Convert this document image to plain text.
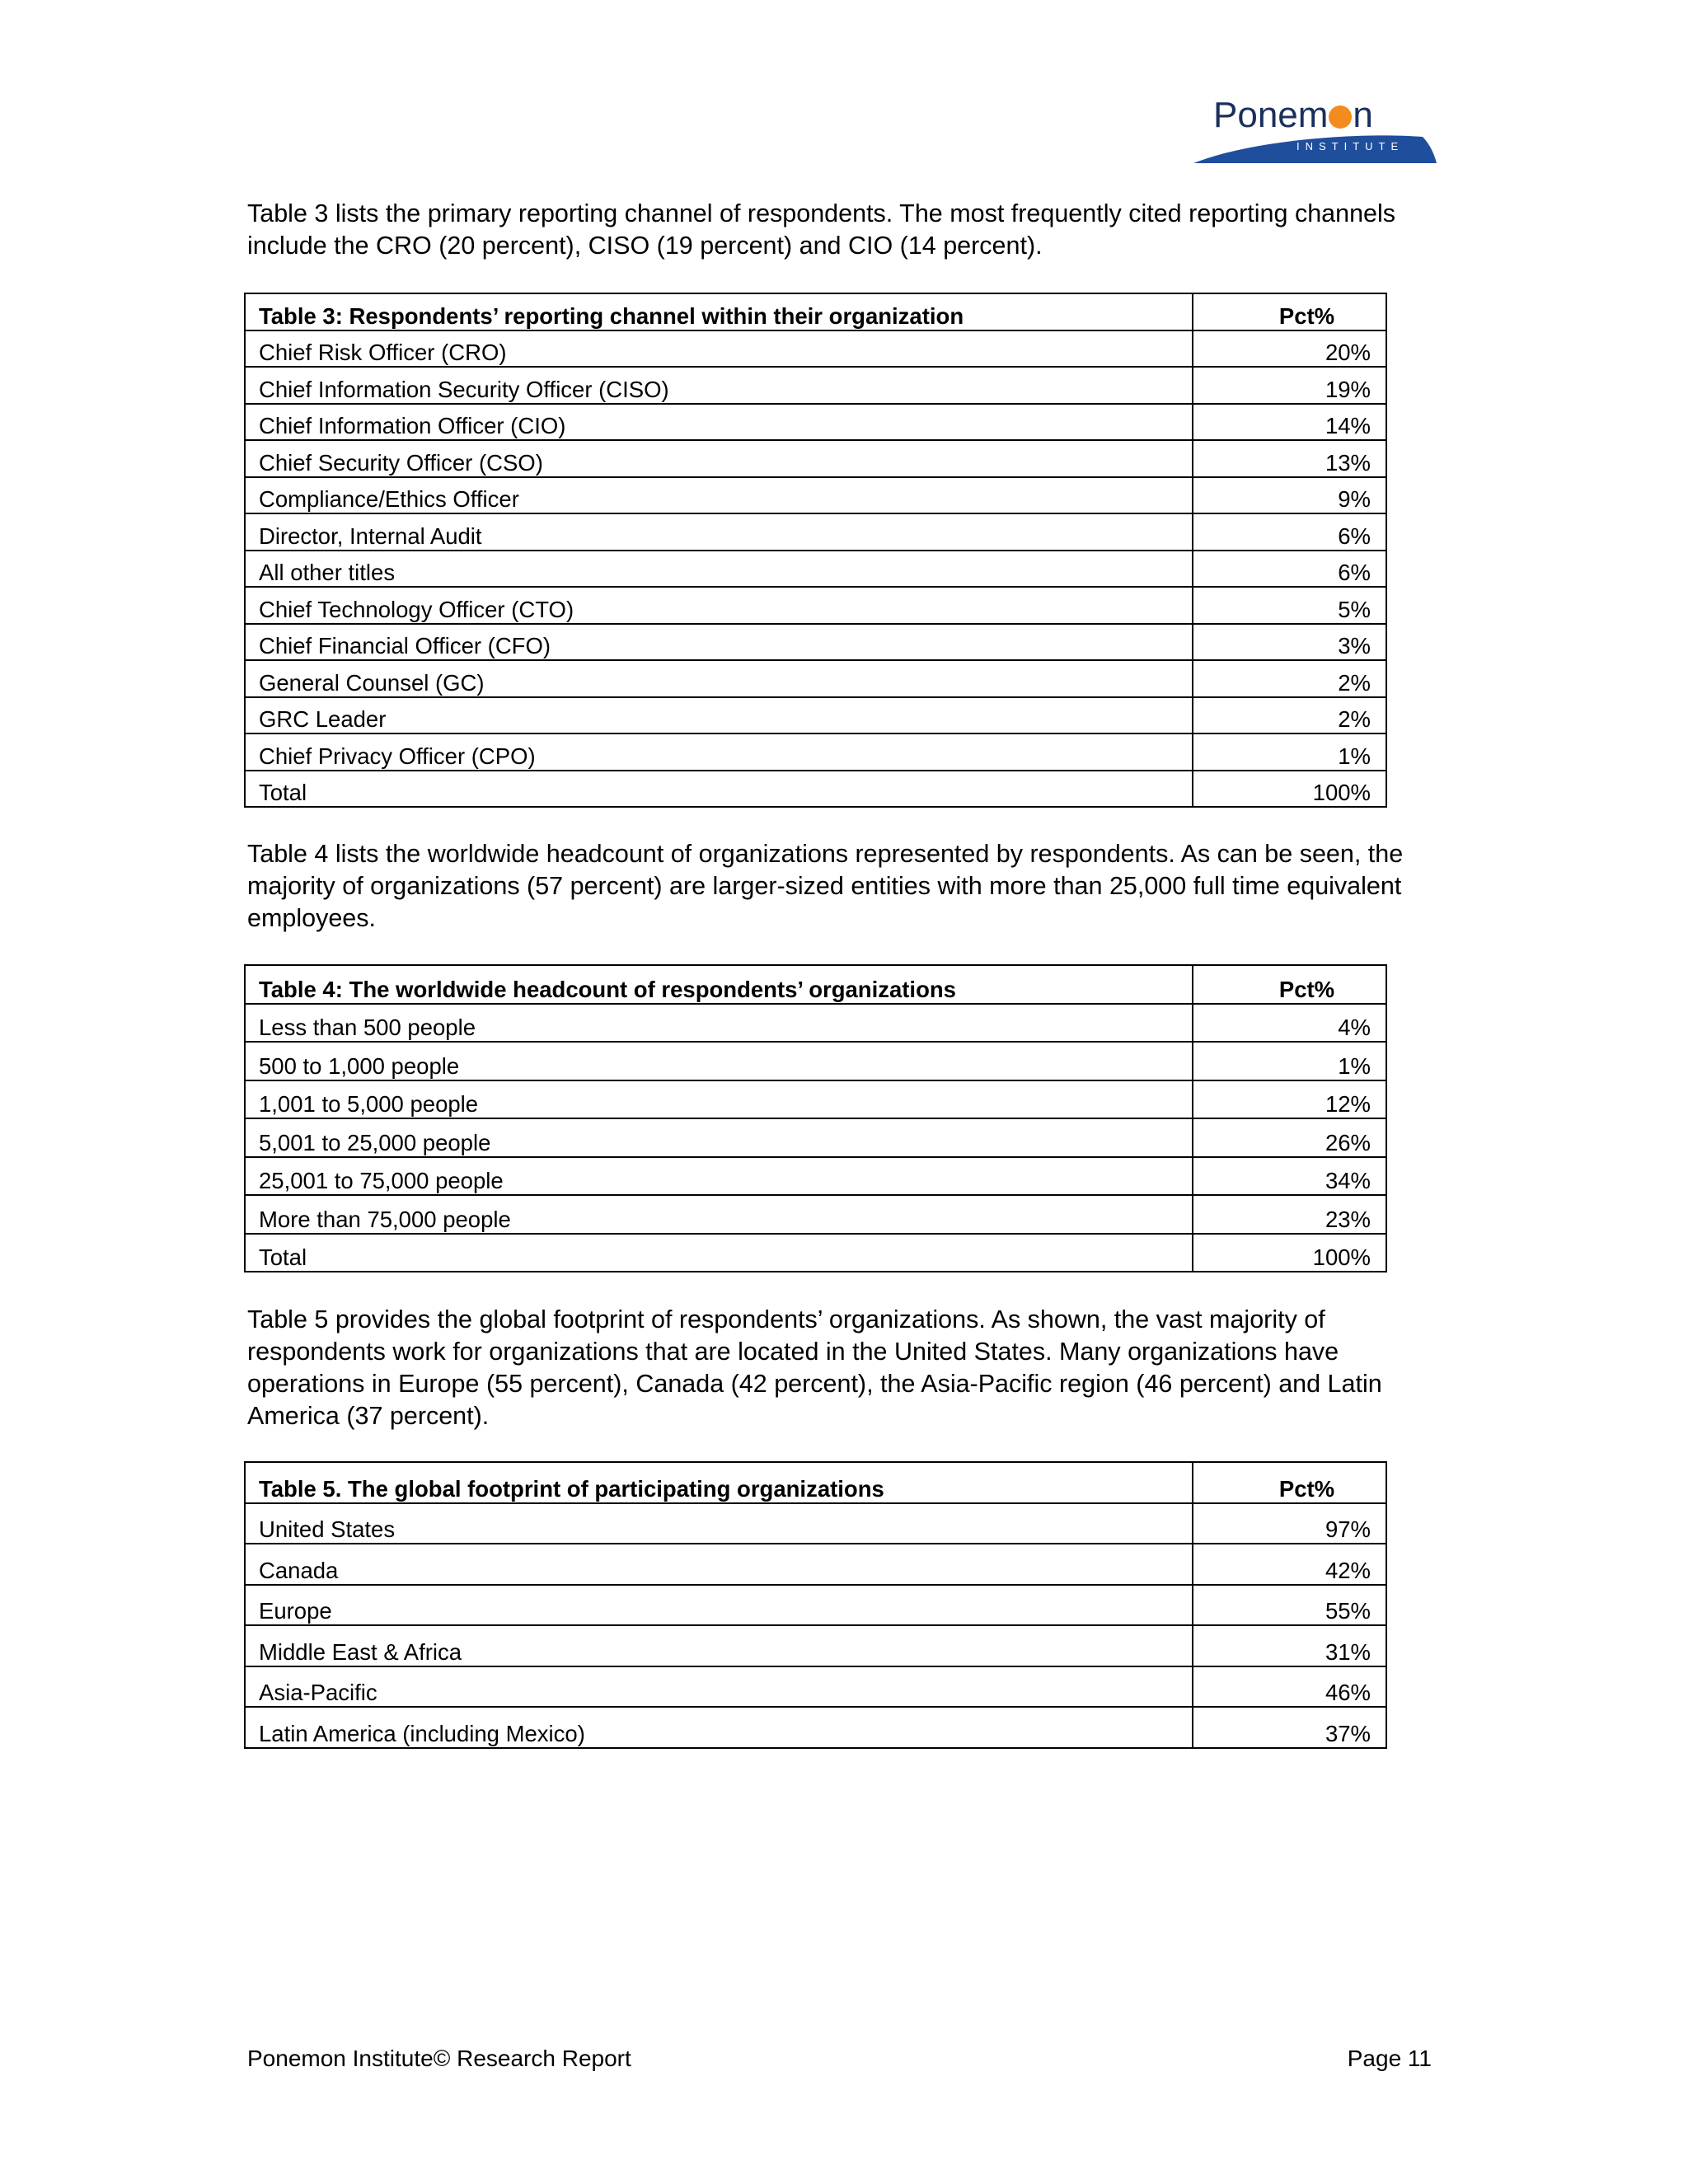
Ponem n
INSTITUTE

Table 3 lists the primary reporting channel of respondents. The most frequently cited reporting channels include the CRO (20 percent), CISO (19 percent) and CIO (14 percent).

Table 3: Respondents’ reporting channel within their organization	Pct%
Chief Risk Officer (CRO)	20%
Chief Information Security Officer (CISO)	19%
Chief Information Officer (CIO)	14%
Chief Security Officer (CSO)	13%
Compliance/Ethics Officer	9%
Director, Internal Audit	6%
All other titles	6%
Chief Technology Officer (CTO)	5%
Chief Financial Officer (CFO)	3%
General Counsel (GC)	2%
GRC Leader	2%
Chief Privacy Officer (CPO)	1%
Total	100%

Table 4 lists the worldwide headcount of organizations represented by respondents. As can be seen, the majority of organizations (57 percent) are larger-sized entities with more than 25,000 full time equivalent employees.

Table 4: The worldwide headcount of respondents’ organizations	Pct%
Less than 500 people	4%
500 to 1,000 people	1%
1,001 to 5,000 people	12%
5,001 to 25,000 people	26%
25,001 to 75,000 people	34%
More than 75,000 people	23%
Total	100%

Table 5 provides the global footprint of respondents’ organizations. As shown, the vast majority of respondents work for organizations that are located in the United States. Many organizations have operations in Europe (55 percent), Canada (42 percent), the Asia-Pacific region (46 percent) and Latin America (37 percent).

Table 5. The global footprint of participating organizations	Pct%
United States	97%
Canada	42%
Europe	55%
Middle East & Africa	31%
Asia-Pacific	46%
Latin America (including Mexico)	37%
Ponemon Institute© Research Report	Page 11
